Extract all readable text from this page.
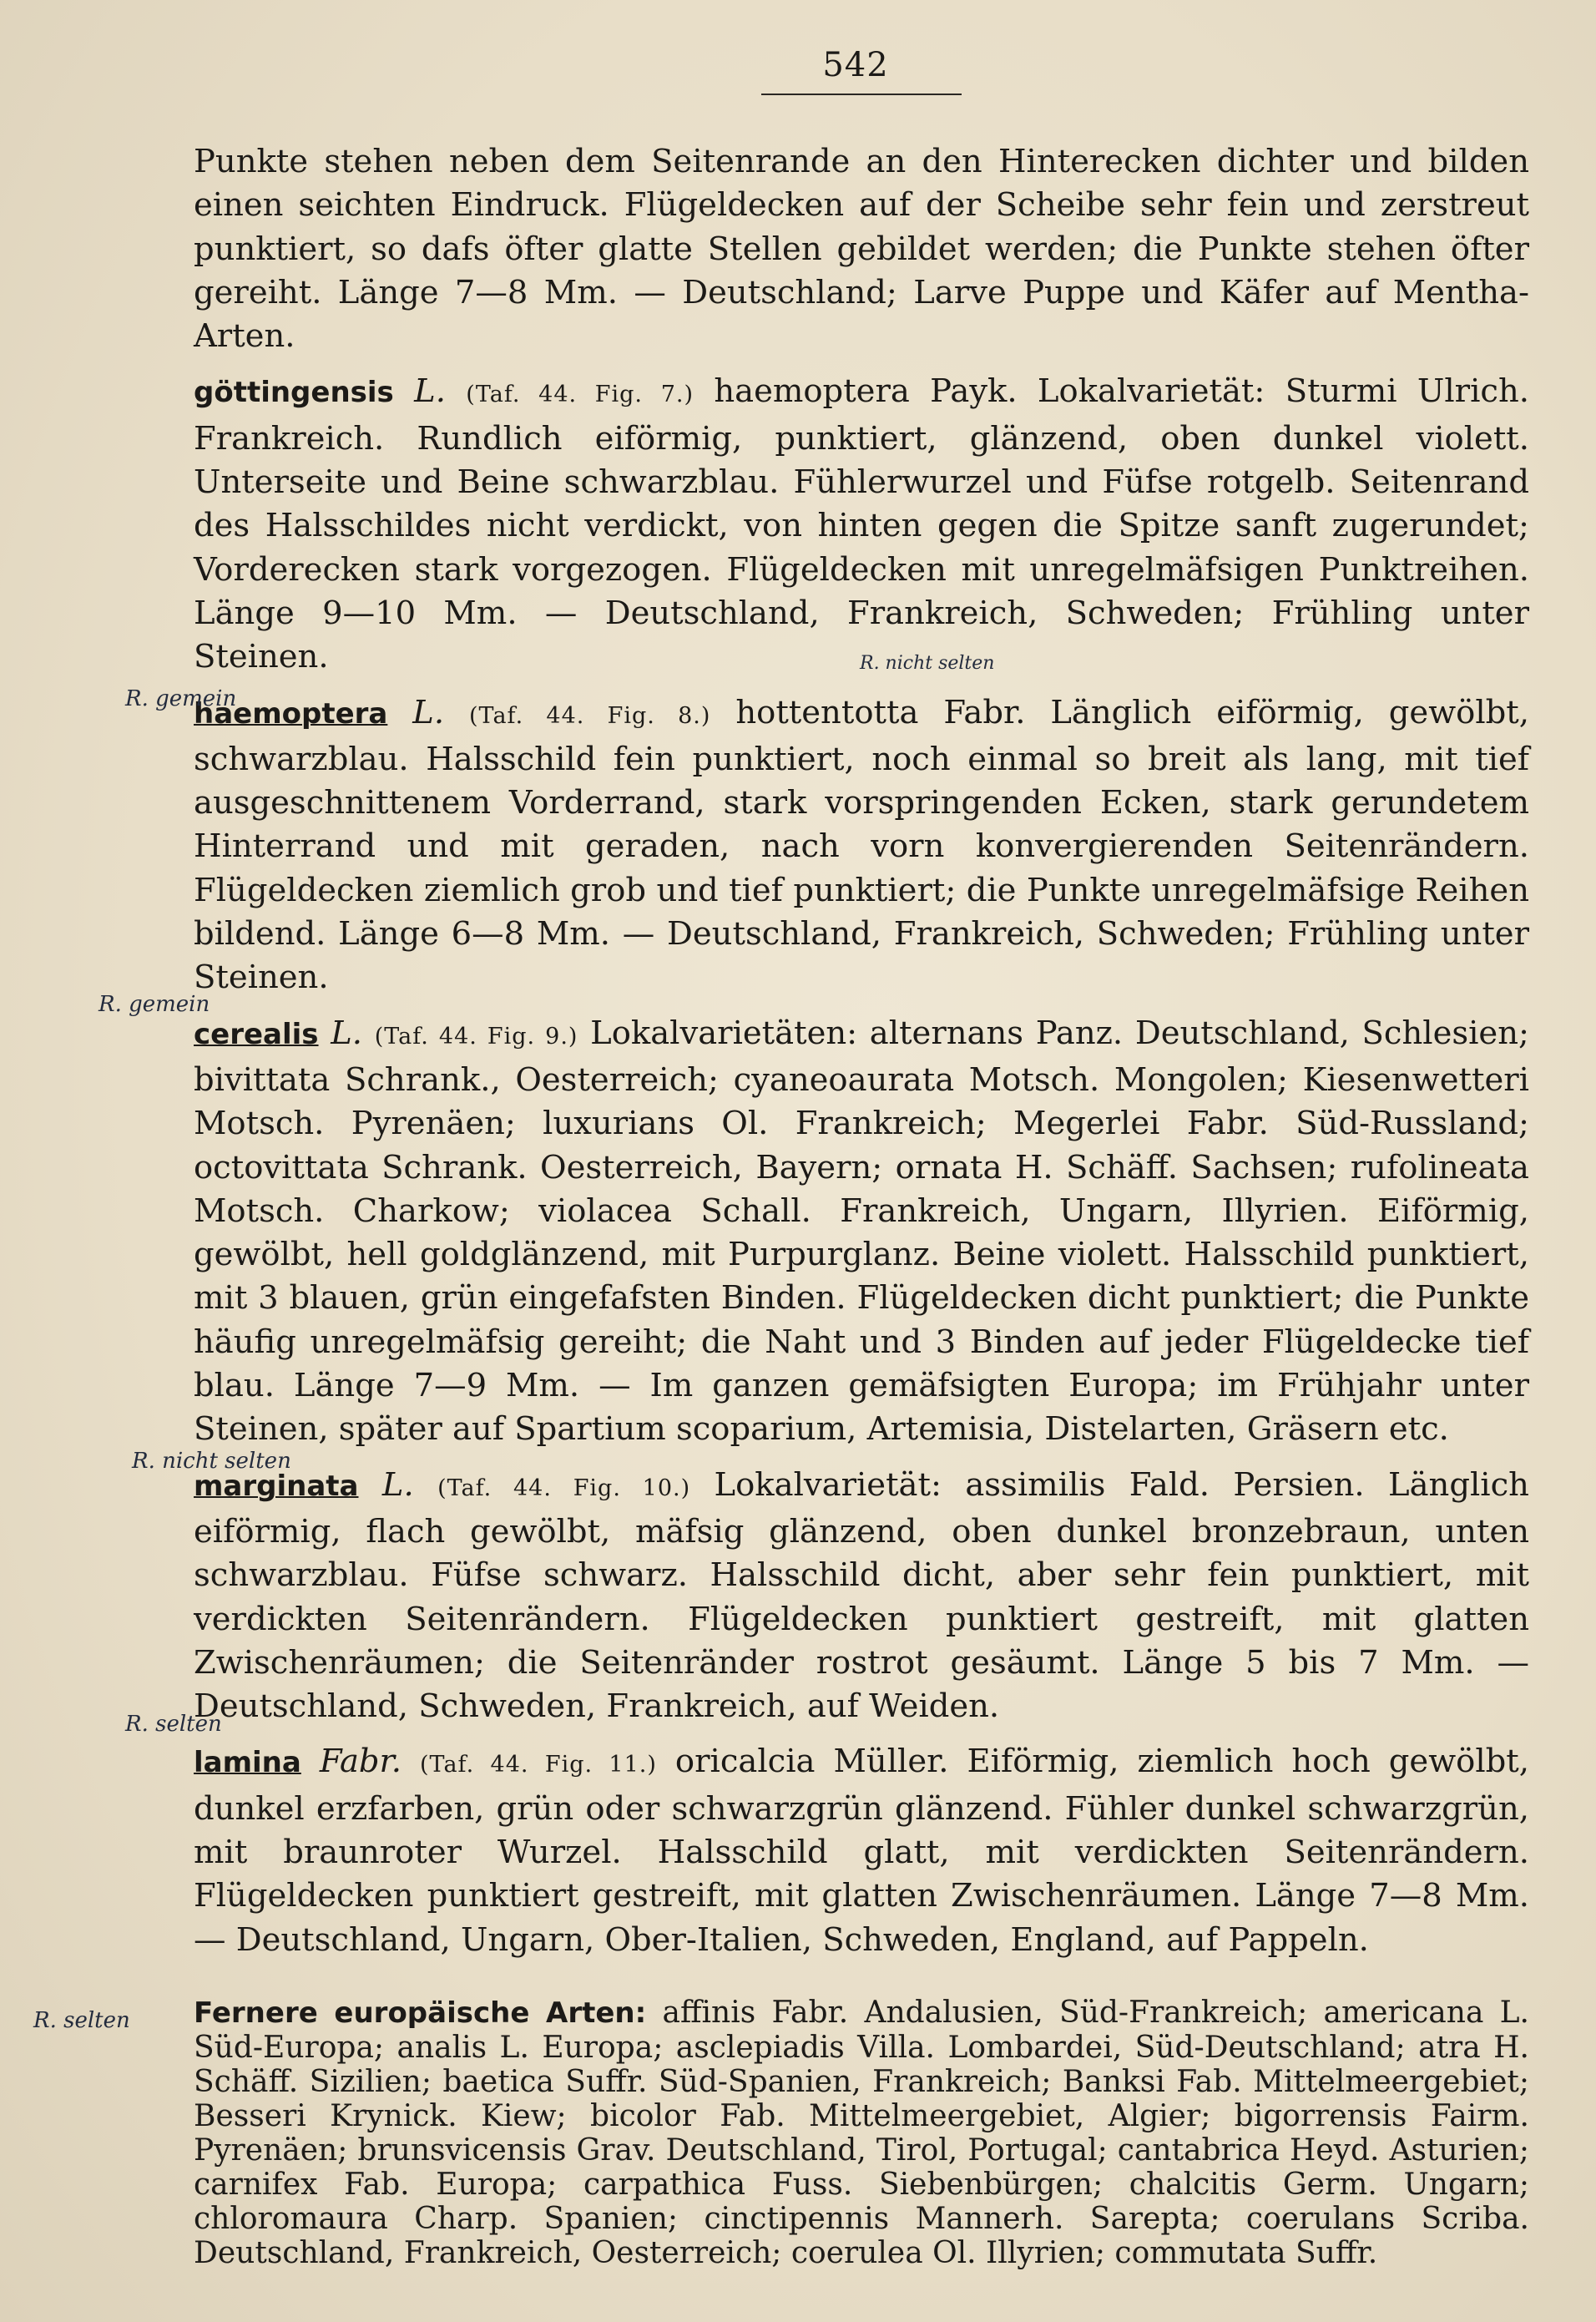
542

Punkte stehen neben dem Seitenrande an den Hinterecken dichter und bilden einen seichten Eindruck. Flügeldecken auf der Scheibe sehr fein und zerstreut punktiert, so dafs öfter glatte Stellen gebildet werden; die Punkte stehen öfter gereiht. Länge 7—8 Mm. — Deutschland; Larve Puppe und Käfer auf Mentha-Arten.

göttingensis L. (Taf. 44. Fig. 7.) haemoptera Payk. Lokalvarietät: Sturmi Ulrich. Frankreich. Rundlich eiförmig, punktiert, glänzend, oben dunkel violett. Unterseite und Beine schwarzblau. Fühlerwurzel und Füfse rotgelb. Seitenrand des Halsschildes nicht verdickt, von hinten gegen die Spitze sanft zugerundet; Vorderecken stark vorgezogen. Flügeldecken mit unregelmäfsigen Punktreihen. Länge 9—10 Mm. — Deutschland, Frankreich, Schweden; Frühling unter Steinen.

haemoptera L. (Taf. 44. Fig. 8.) hottentotta Fabr. Länglich eiförmig, gewölbt, schwarzblau. Halsschild fein punktiert, noch einmal so breit als lang, mit tief ausgeschnittenem Vorderrand, stark vorspringenden Ecken, stark gerundetem Hinterrand und mit geraden, nach vorn konvergierenden Seitenrändern. Flügeldecken ziemlich grob und tief punktiert; die Punkte unregelmäfsige Reihen bildend. Länge 6—8 Mm. — Deutschland, Frankreich, Schweden; Frühling unter Steinen.

cerealis L. (Taf. 44. Fig. 9.) Lokalvarietäten: alternans Panz. Deutschland, Schlesien; bivittata Schrank., Oesterreich; cyaneoaurata Motsch. Mongolen; Kiesenwetteri Motsch. Pyrenäen; luxurians Ol. Frankreich; Megerlei Fabr. Süd-Russland; octovittata Schrank. Oesterreich, Bayern; ornata H. Schäff. Sachsen; rufolineata Motsch. Charkow; violacea Schall. Frankreich, Ungarn, Illyrien. Eiförmig, gewölbt, hell goldglänzend, mit Purpurglanz. Beine violett. Halsschild punktiert, mit 3 blauen, grün eingefafsten Binden. Flügeldecken dicht punktiert; die Punkte häufig unregelmäfsig gereiht; die Naht und 3 Binden auf jeder Flügeldecke tief blau. Länge 7—9 Mm. — Im ganzen gemäfsigten Europa; im Frühjahr unter Steinen, später auf Spartium scoparium, Artemisia, Distelarten, Gräsern etc.

marginata L. (Taf. 44. Fig. 10.) Lokalvarietät: assimilis Fald. Persien. Länglich eiförmig, flach gewölbt, mäfsig glänzend, oben dunkel bronzebraun, unten schwarzblau. Füfse schwarz. Halsschild dicht, aber sehr fein punktiert, mit verdickten Seitenrändern. Flügeldecken punktiert gestreift, mit glatten Zwischenräumen; die Seitenränder rostrot gesäumt. Länge 5 bis 7 Mm. — Deutschland, Schweden, Frankreich, auf Weiden.

lamina Fabr. (Taf. 44. Fig. 11.) oricalcia Müller. Eiförmig, ziemlich hoch gewölbt, dunkel erzfarben, grün oder schwarzgrün glänzend. Fühler dunkel schwarzgrün, mit braunroter Wurzel. Halsschild glatt, mit verdickten Seitenrändern. Flügeldecken punktiert gestreift, mit glatten Zwischenräumen. Länge 7—8 Mm. — Deutschland, Ungarn, Ober-Italien, Schweden, England, auf Pappeln.

Fernere europäische Arten: affinis Fabr. Andalusien, Süd-Frankreich; americana L. Süd-Europa; analis L. Europa; asclepiadis Villa. Lombardei, Süd-Deutschland; atra H. Schäff. Sizilien; baetica Suffr. Süd-Spanien, Frankreich; Banksi Fab. Mittelmeergebiet; Besseri Krynick. Kiew; bicolor Fab. Mittelmeergebiet, Algier; bigorrensis Fairm. Pyrenäen; brunsvicensis Grav. Deutschland, Tirol, Portugal; cantabrica Heyd. Asturien; carnifex Fab. Europa; carpathica Fuss. Siebenbürgen; chalcitis Germ. Ungarn; chloromaura Charp. Spanien; cinctipennis Mannerh. Sarepta; coerulans Scriba. Deutschland, Frankreich, Oesterreich; coerulea Ol. Illyrien; commutata Suffr.

R. gemein
R. nicht selten
R. gemein
R. nicht selten
R. selten
R. selten
